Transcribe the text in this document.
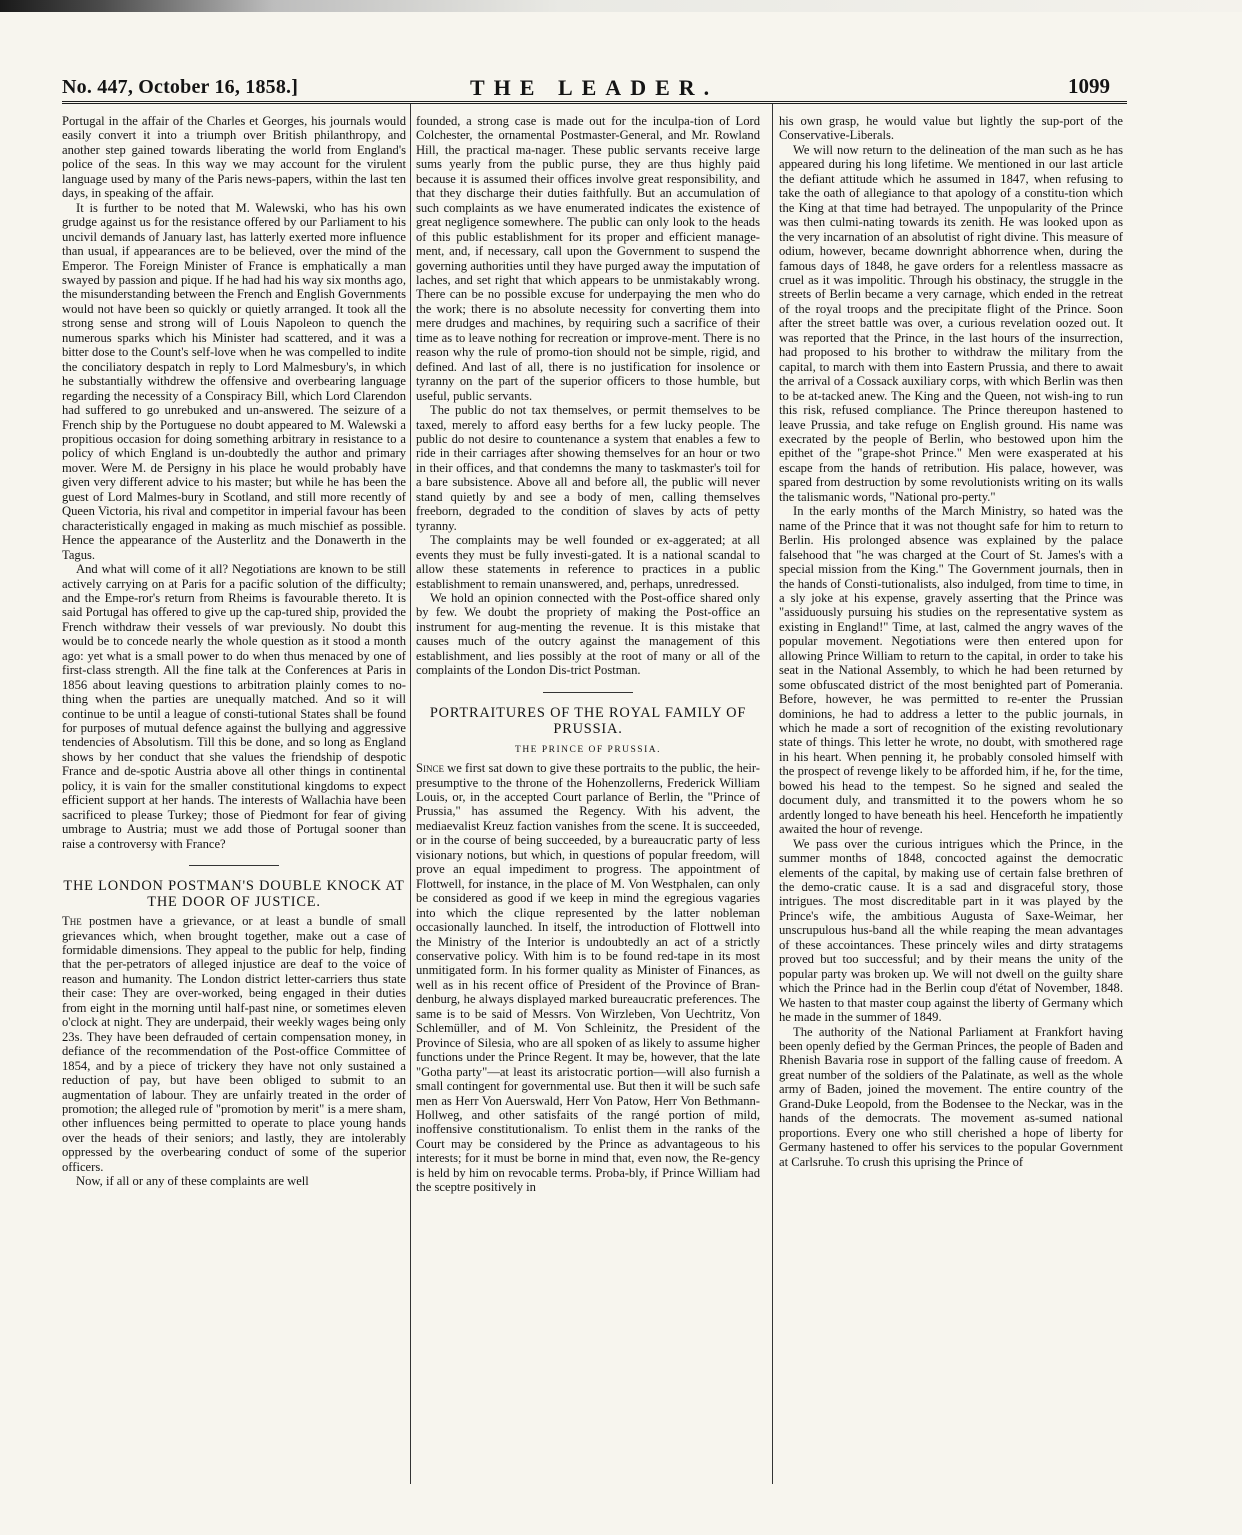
No. 447, October 16, 1858.]	THE LEADER.	1099

Portugal in the affair of the Charles et Georges, his journals would easily convert it into a triumph over British philanthropy, and another step gained towards liberating the world from England's police of the seas. In this way we may account for the virulent language used by many of the Paris news-papers, within the last ten days, in speaking of the affair.

It is further to be noted that M. Walewski, who has his own grudge against us for the resistance offered by our Parliament to his uncivil demands of January last, has latterly exerted more influence than usual, if appearances are to be believed, over the mind of the Emperor. The Foreign Minister of France is emphatically a man swayed by passion and pique. If he had had his way six months ago, the misunderstanding between the French and English Governments would not have been so quickly or quietly arranged. It took all the strong sense and strong will of Louis Napoleon to quench the numerous sparks which his Minister had scattered, and it was a bitter dose to the Count's self-love when he was compelled to indite the conciliatory despatch in reply to Lord Malmesbury's, in which he substantially withdrew the offensive and overbearing language regarding the necessity of a Conspiracy Bill, which Lord Clarendon had suffered to go unrebuked and un-answered. The seizure of a French ship by the Portuguese no doubt appeared to M. Walewski a propitious occasion for doing something arbitrary in resistance to a policy of which England is un-doubtedly the author and primary mover. Were M. de Persigny in his place he would probably have given very different advice to his master; but while he has been the guest of Lord Malmes-bury in Scotland, and still more recently of Queen Victoria, his rival and competitor in imperial favour has been characteristically engaged in making as much mischief as possible. Hence the appearance of the Austerlitz and the Donawerth in the Tagus.

And what will come of it all? Negotiations are known to be still actively carrying on at Paris for a pacific solution of the difficulty; and the Empe-ror's return from Rheims is favourable thereto. It is said Portugal has offered to give up the cap-tured ship, provided the French withdraw their vessels of war previously. No doubt this would be to concede nearly the whole question as it stood a month ago: yet what is a small power to do when thus menaced by one of first-class strength. All the fine talk at the Conferences at Paris in 1856 about leaving questions to arbitration plainly comes to no-thing when the parties are unequally matched. And so it will continue to be until a league of consti-tutional States shall be found for purposes of mutual defence against the bullying and aggressive tendencies of Absolutism. Till this be done, and so long as England shows by her conduct that she values the friendship of despotic France and de-spotic Austria above all other things in continental policy, it is vain for the smaller constitutional kingdoms to expect efficient support at her hands. The interests of Wallachia have been sacrificed to please Turkey; those of Piedmont for fear of giving umbrage to Austria; must we add those of Portugal sooner than raise a controversy with France?

THE LONDON POSTMAN'S DOUBLE KNOCK AT THE DOOR OF JUSTICE.

The postmen have a grievance, or at least a bundle of small grievances which, when brought together, make out a case of formidable dimensions. They appeal to the public for help, finding that the per-petrators of alleged injustice are deaf to the voice of reason and humanity. The London district letter-carriers thus state their case: They are over-worked, being engaged in their duties from eight in the morning until half-past nine, or sometimes eleven o'clock at night. They are underpaid, their weekly wages being only 23s. They have been defrauded of certain compensation money, in defiance of the recommendation of the Post-office Committee of 1854, and by a piece of trickery they have not only sustained a reduction of pay, but have been obliged to submit to an augmentation of labour. They are unfairly treated in the order of promotion; the alleged rule of "promotion by merit" is a mere sham, other influences being permitted to operate to place young hands over the heads of their seniors; and lastly, they are intolerably oppressed by the overbearing conduct of some of the superior officers.

Now, if all or any of these complaints are well

founded, a strong case is made out for the inculpa-tion of Lord Colchester, the ornamental Postmaster-General, and Mr. Rowland Hill, the practical ma-nager. These public servants receive large sums yearly from the public purse, they are thus highly paid because it is assumed their offices involve great responsibility, and that they discharge their duties faithfully. But an accumulation of such complaints as we have enumerated indicates the existence of great negligence somewhere. The public can only look to the heads of this public establishment for its proper and efficient manage-ment, and, if necessary, call upon the Government to suspend the governing authorities until they have purged away the imputation of laches, and set right that which appears to be unmistakably wrong. There can be no possible excuse for underpaying the men who do the work; there is no absolute necessity for converting them into mere drudges and machines, by requiring such a sacrifice of their time as to leave nothing for recreation or improve-ment. There is no reason why the rule of promo-tion should not be simple, rigid, and defined. And last of all, there is no justification for insolence or tyranny on the part of the superior officers to those humble, but useful, public servants.

The public do not tax themselves, or permit themselves to be taxed, merely to afford easy berths for a few lucky people. The public do not desire to countenance a system that enables a few to ride in their carriages after showing themselves for an hour or two in their offices, and that condemns the many to taskmaster's toil for a bare subsistence. Above all and before all, the public will never stand quietly by and see a body of men, calling themselves freeborn, degraded to the condition of slaves by acts of petty tyranny.

The complaints may be well founded or ex-aggerated; at all events they must be fully investi-gated. It is a national scandal to allow these statements in reference to practices in a public establishment to remain unanswered, and, perhaps, unredressed.

We hold an opinion connected with the Post-office shared only by few. We doubt the propriety of making the Post-office an instrument for aug-menting the revenue. It is this mistake that causes much of the outcry against the management of this establishment, and lies possibly at the root of many or all of the complaints of the London Dis-trict Postman.

PORTRAITURES OF THE ROYAL FAMILY OF PRUSSIA.
THE PRINCE OF PRUSSIA.

Since we first sat down to give these portraits to the public, the heir-presumptive to the throne of the Hohenzollerns, Frederick William Louis, or, in the accepted Court parlance of Berlin, the "Prince of Prussia," has assumed the Regency. With his advent, the mediaevalist Kreuz faction vanishes from the scene. It is succeeded, or in the course of being succeeded, by a bureaucratic party of less visionary notions, but which, in questions of popular freedom, will prove an equal impediment to progress. The appointment of Flottwell, for instance, in the place of M. Von Westphalen, can only be considered as good if we keep in mind the egregious vagaries into which the clique represented by the latter nobleman occasionally launched. In itself, the introduction of Flottwell into the Ministry of the Interior is undoubtedly an act of a strictly conservative policy. With him is to be found red-tape in its most unmitigated form. In his former quality as Minister of Finances, as well as in his recent office of President of the Province of Bran-denburg, he always displayed marked bureaucratic preferences. The same is to be said of Messrs. Von Wirzleben, Von Uechtritz, Von Schlemüller, and of M. Von Schleinitz, the President of the Province of Silesia, who are all spoken of as likely to assume higher functions under the Prince Regent. It may be, however, that the late "Gotha party"—at least its aristocratic portion—will also furnish a small contingent for governmental use. But then it will be such safe men as Herr Von Auerswald, Herr Von Patow, Herr Von Bethmann-Hollweg, and other satisfaits of the rangé portion of mild, inoffensive constitutionalism. To enlist them in the ranks of the Court may be considered by the Prince as advantageous to his interests; for it must be borne in mind that, even now, the Re-gency is held by him on revocable terms. Proba-bly, if Prince William had the sceptre positively in

his own grasp, he would value but lightly the sup-port of the Conservative-Liberals.

We will now return to the delineation of the man such as he has appeared during his long lifetime. We mentioned in our last article the defiant attitude which he assumed in 1847, when refusing to take the oath of allegiance to that apology of a constitu-tion which the King at that time had betrayed. The unpopularity of the Prince was then culmi-nating towards its zenith. He was looked upon as the very incarnation of an absolutist of right divine. This measure of odium, however, became downright abhorrence when, during the famous days of 1848, he gave orders for a relentless massacre as cruel as it was impolitic. Through his obstinacy, the struggle in the streets of Berlin became a very carnage, which ended in the retreat of the royal troops and the precipitate flight of the Prince. Soon after the street battle was over, a curious revelation oozed out. It was reported that the Prince, in the last hours of the insurrection, had proposed to his brother to withdraw the military from the capital, to march with them into Eastern Prussia, and there to await the arrival of a Cossack auxiliary corps, with which Berlin was then to be at-tacked anew. The King and the Queen, not wish-ing to run this risk, refused compliance. The Prince thereupon hastened to leave Prussia, and take refuge on English ground. His name was execrated by the people of Berlin, who bestowed upon him the epithet of the "grape-shot Prince." Men were exasperated at his escape from the hands of retribution. His palace, however, was spared from destruction by some revolutionists writing on its walls the talismanic words, "National pro-perty."

In the early months of the March Ministry, so hated was the name of the Prince that it was not thought safe for him to return to Berlin. His prolonged absence was explained by the palace falsehood that "he was charged at the Court of St. James's with a special mission from the King." The Government journals, then in the hands of Consti-tutionalists, also indulged, from time to time, in a sly joke at his expense, gravely asserting that the Prince was "assiduously pursuing his studies on the representative system as existing in England!" Time, at last, calmed the angry waves of the popular movement. Negotiations were then entered upon for allowing Prince William to return to the capital, in order to take his seat in the National Assembly, to which he had been returned by some obfuscated district of the most benighted part of Pomerania. Before, however, he was permitted to re-enter the Prussian dominions, he had to address a letter to the public journals, in which he made a sort of recognition of the existing revolutionary state of things. This letter he wrote, no doubt, with smothered rage in his heart. When penning it, he probably consoled himself with the prospect of revenge likely to be afforded him, if he, for the time, bowed his head to the tempest. So he signed and sealed the document duly, and transmitted it to the powers whom he so ardently longed to have beneath his heel. Henceforth he impatiently awaited the hour of revenge.

We pass over the curious intrigues which the Prince, in the summer months of 1848, concocted against the democratic elements of the capital, by making use of certain false brethren of the demo-cratic cause. It is a sad and disgraceful story, those intrigues. The most discreditable part in it was played by the Prince's wife, the ambitious Augusta of Saxe-Weimar, her unscrupulous hus-band all the while reaping the mean advantages of these accointances. These princely wiles and dirty stratagems proved but too successful; and by their means the unity of the popular party was broken up. We will not dwell on the guilty share which the Prince had in the Berlin coup d'état of November, 1848. We hasten to that master coup against the liberty of Germany which he made in the summer of 1849.

The authority of the National Parliament at Frankfort having been openly defied by the German Princes, the people of Baden and Rhenish Bavaria rose in support of the falling cause of freedom. A great number of the soldiers of the Palatinate, as well as the whole army of Baden, joined the movement. The entire country of the Grand-Duke Leopold, from the Bodensee to the Neckar, was in the hands of the democrats. The movement as-sumed national proportions. Every one who still cherished a hope of liberty for Germany hastened to offer his services to the popular Government at Carlsruhe. To crush this uprising the Prince of
